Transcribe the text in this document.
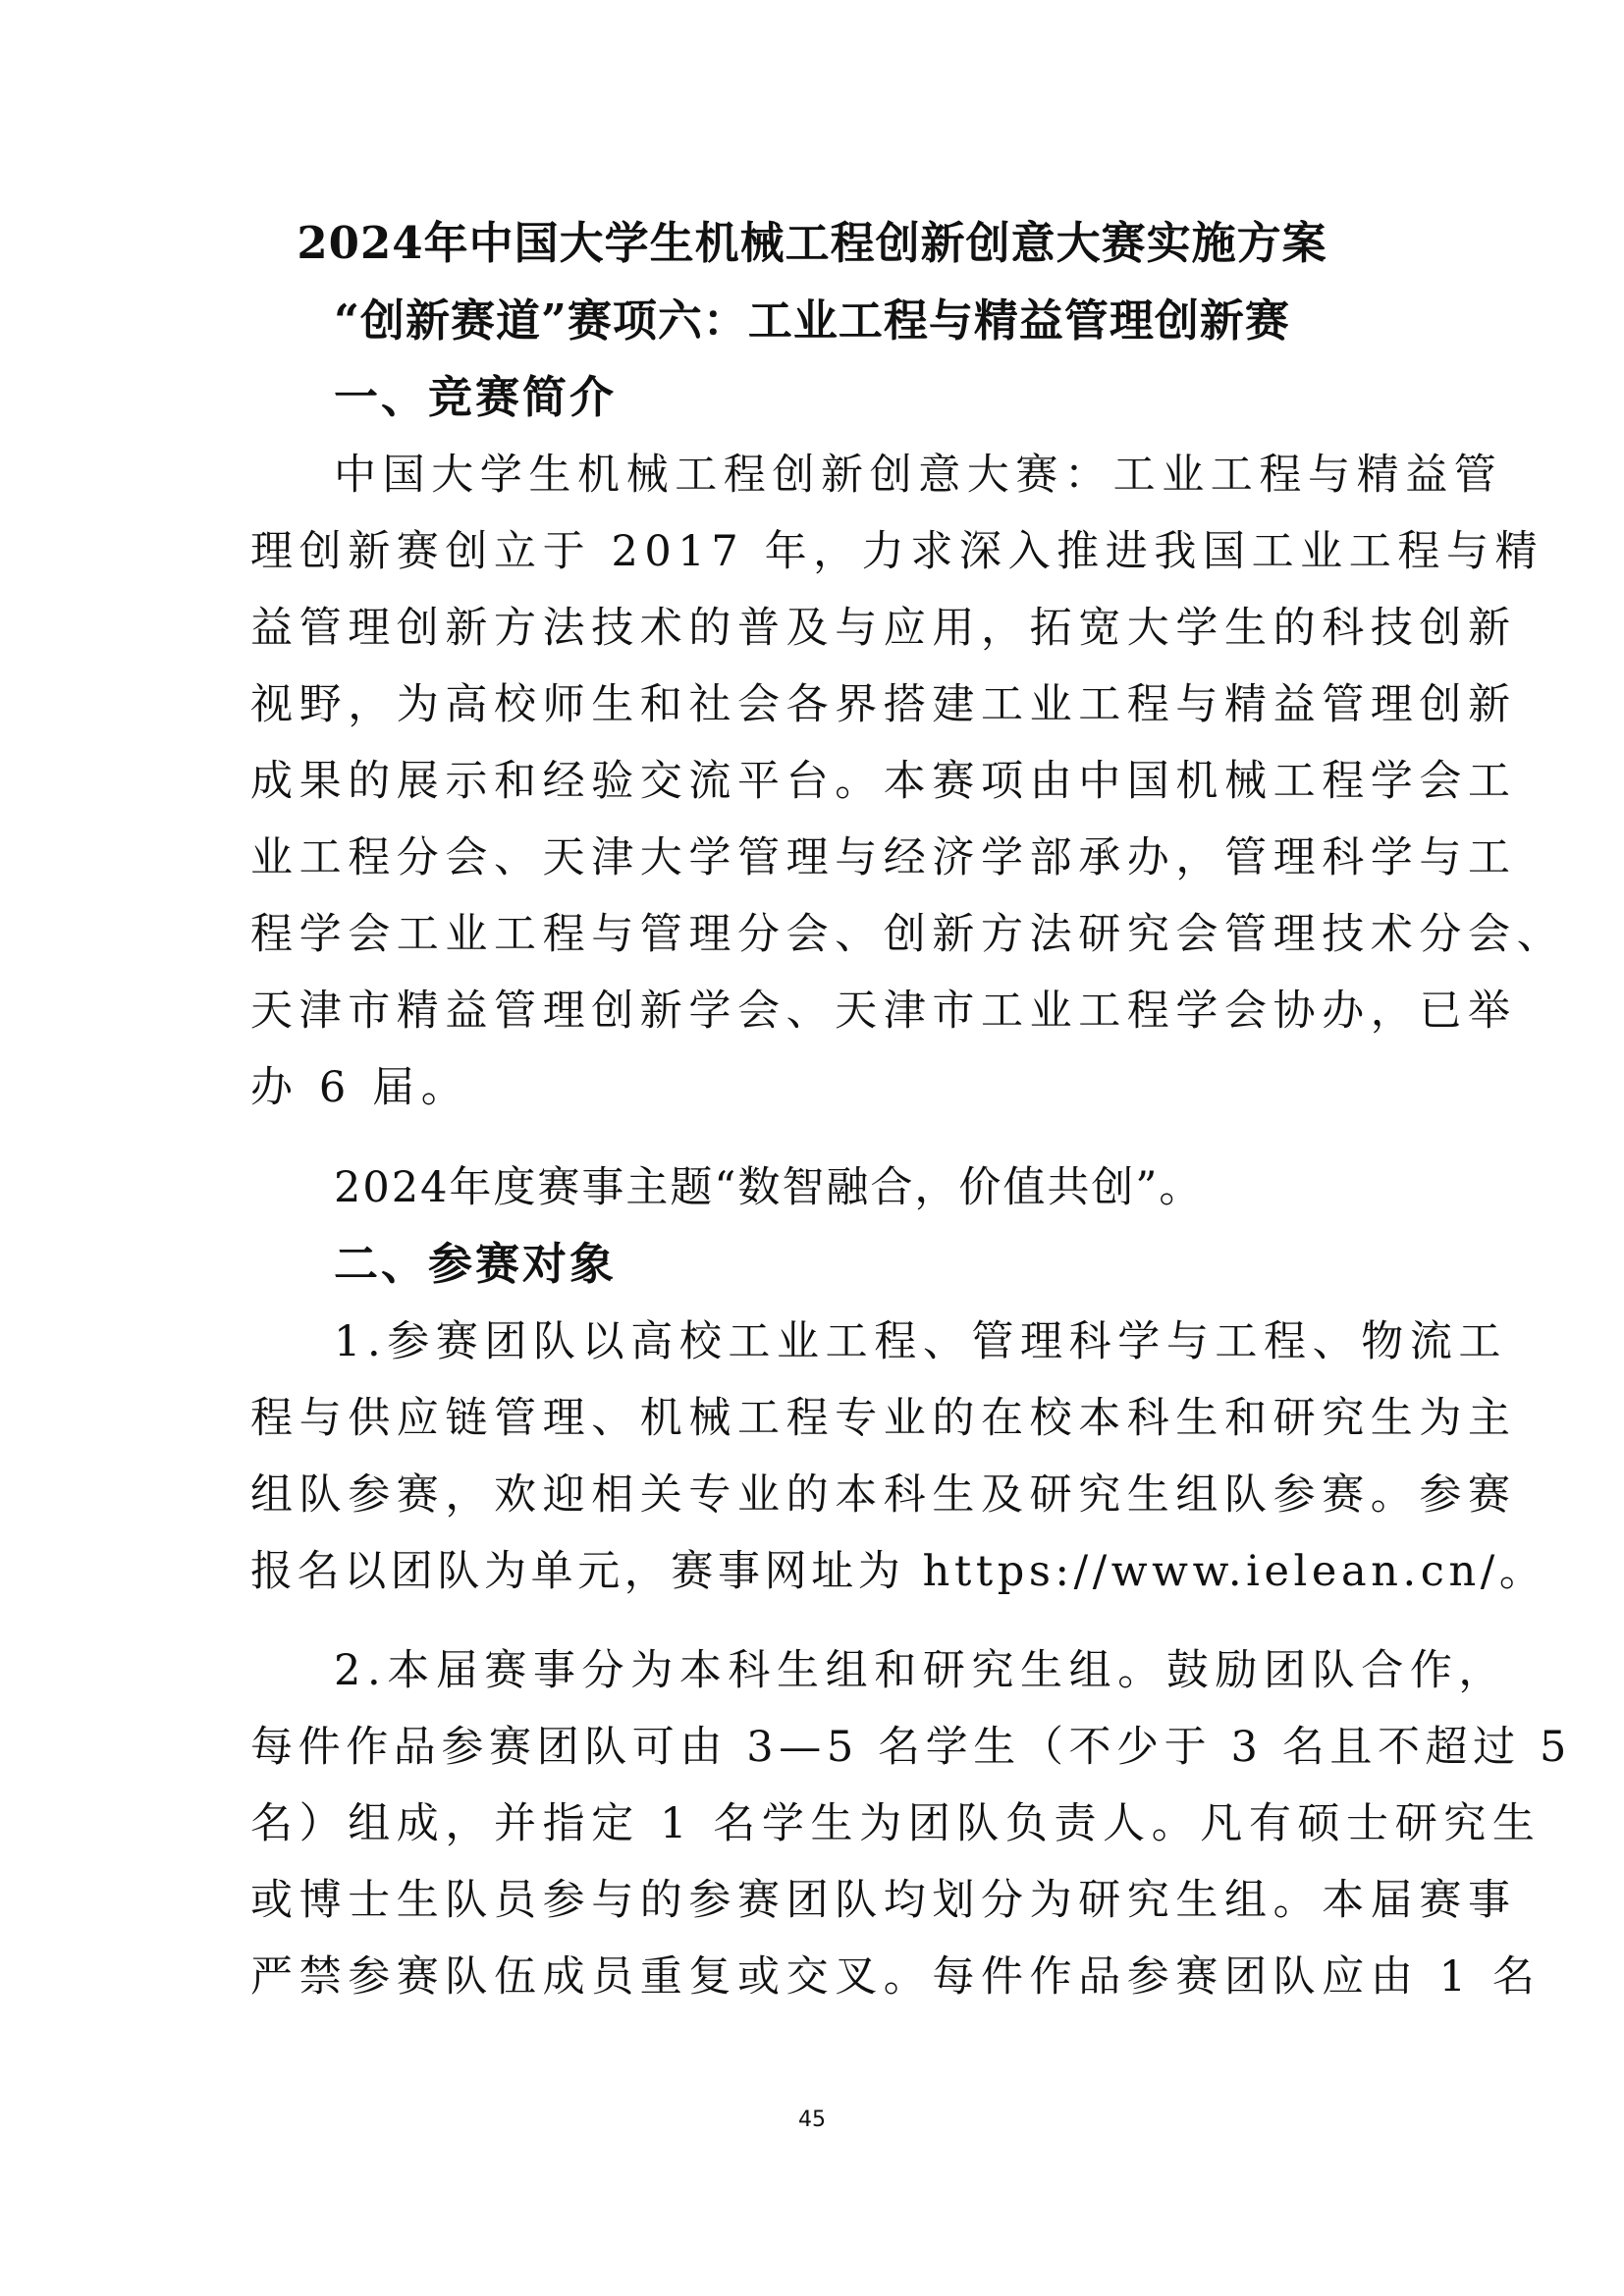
2024年中国大学生机械工程创新创意大赛实施方案
“创新赛道”赛项六：工业工程与精益管理创新赛
一、竞赛简介
中国大学生机械工程创新创意大赛：工业工程与精益管
理创新赛创立于 2017 年，力求深入推进我国工业工程与精
益管理创新方法技术的普及与应用，拓宽大学生的科技创新
视野，为高校师生和社会各界搭建工业工程与精益管理创新
成果的展示和经验交流平台。本赛项由中国机械工程学会工
业工程分会、天津大学管理与经济学部承办，管理科学与工
程学会工业工程与管理分会、创新方法研究会管理技术分会、
天津市精益管理创新学会、天津市工业工程学会协办，已举
办 6 届。
2024年度赛事主题“数智融合，价值共创”。
二、参赛对象
1.参赛团队以高校工业工程、管理科学与工程、物流工
程与供应链管理、机械工程专业的在校本科生和研究生为主
组队参赛，欢迎相关专业的本科生及研究生组队参赛。参赛
报名以团队为单元，赛事网址为 https://www.ielean.cn/。
2.本届赛事分为本科生组和研究生组。鼓励团队合作，
每件作品参赛团队可由 3—5 名学生（不少于 3 名且不超过 5
名）组成，并指定 1 名学生为团队负责人。凡有硕士研究生
或博士生队员参与的参赛团队均划分为研究生组。本届赛事
严禁参赛队伍成员重复或交叉。每件作品参赛团队应由 1 名
45
